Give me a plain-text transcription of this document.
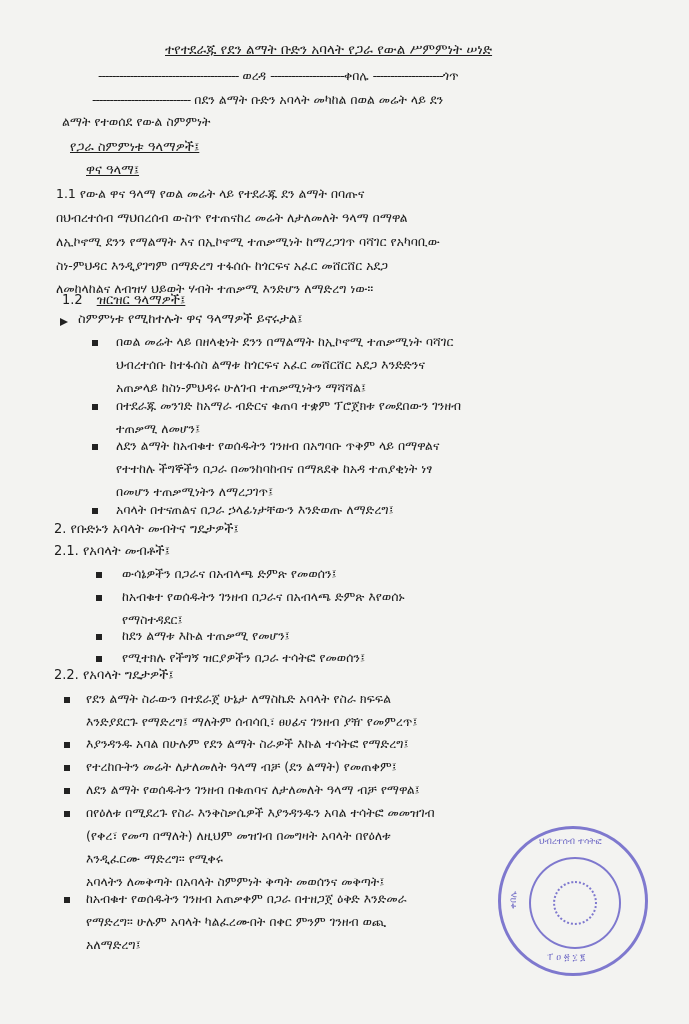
ተየተደራጁ የደን ልማት ቡድን አባላት የጋራ የውል ሥምምነት ሠነድ
---------------------------------------- ወረዳ ---------------------ቀበሌ --------------------ጎጥ
---------------------------- በደን ልማት ቡድን አባላት መካከል በወል መሬት ላይ ደን
ልማት የተወሰደ የውል ስምምነት
የጋራ ስምምነቱ ዓላማዎች፤
ዋና ዓላማ፤
1.1 የውል ዋና ዓላማ የወል መሬት ላይ የተደራጁ ደን ልማት በባጡና
በህብረተሰብ ማህበረሰብ ውስጥ የተጠናከረ መሬት ለታለመለት ዓላማ በማዋል
ለኢኮኖሚ ደንን የማልማት እና በኢኮኖሚ ተጠቃሚነት ከማረጋገጥ ባሻገር የአካባቢው
ስነ-ምህዳር እንዲያገግም በማድረግ ተፋሰሱ ከጎርፍና አፈር መሸርሸር አደጋ
ለመከላከልና ለብዝሃ ህይወት ሃብት ተጠቃሚ እንድሆን ለማድረግ ነው።
1.2 ዝርዝር ዓላማዎች፤
ስምምነቱ የሚከተሉት ዋና ዓላማዎች ይኖሩታል፤
በወል መሬት ላይ በዘላቂነት ደንን በማልማት ከኢኮኖሚ ተጠቃሚነት ባሻገር
ህብረተሰቡ ከተፋሰስ ልማቱ ከጎርፍና አፈር መሸርሸር አደጋ እንድድንና
አጠቃላይ ከስነ-ምህዳሩ ሁለገብ ተጠቃሚነትን ማሻሻል፤
በተደራጁ መንገድ ከአማራ ብድርና ቁጠባ ተቋም ፕሮጀክቱ የመደበውን ገንዘብ
ተጠቃሚ ለመሆን፤
ለደን ልማት ከአብቁተ የወሰዱትን ገንዘብ በአግባቡ ጥቅም ላይ በማዋልና
የተተከሉ ችግኞችን በጋራ በመንከባከብና በማጸደቅ ከአዳ ተጠያቂነት ነፃ
በመሆን ተጠቃሚነትን ለማረጋገጥ፤
አባላት በተናጠልና በጋራ ኃላፊነታቸውን እንድወጡ ለማድረግ፤
2. የቡድኑን አባላት መብትና ግዴታዎች፤
2.1. የአባላት መብቶች፤
ውሳኔዎችን በጋራና በአብላጫ ድምጽ የመወሰን፤
ከአብቁተ የወሰዱትን ገንዘብ በጋራና በአብላጫ ድምጽ እየወሰኑ
የማስተዳደር፤
ከደን ልማቱ እኩል ተጠቃሚ የመሆን፤
የሚተክሉ የችግኝ ዝርያዎችን በጋራ ተሳትፎ የመወሰን፤
2.2. የአባላት ግዴታዎች፤
የደን ልማት ስራውን በተደራጀ ሁኔታ ለማስኬድ አባላት የስራ ክፍፍል
እንድያደርጉ የማድረግ፤ ማለትም ሰብሳቢ፣ ፀሀፊና ገንዘብ ያዥ የመምረጥ፤
እያንዳንዱ አባል በሁሉም የደን ልማት ስራዎች እኩል ተሳትፎ የማድረግ፤
የተረከቡትን መሬት ለታለመለት ዓላማ ብቻ (ደን ልማት) የመጠቀም፤
ለደን ልማት የወሰዱትን ገንዘብ በቁጠባና ለታለመለት ዓላማ ብቻ የማዋል፤
በየዕለቱ በሚደረጉ የስራ እንቅስቃሴዎች እያንዳንዱን አባል ተሳትፎ መመዝገብ
(የቀረ፣ የመጣ በማለት) ለዚህም መዝገብ በመግዛት አባላት በየዕለቱ
እንዲፈርሙ ማድረግ። የሚቀሩ
አባላትን ለመቅጣት በአባላት ስምምነት ቅጣት መወሰንና መቅጣት፤
ከአብቁተ የወሰዱትን ገንዘብ አጠቃቀም በጋራ በተዘጋጀ ዕቅድ እንድመራ
የማድረግ። ሁሉም አባላት ካልፈረሙበት በቀር ምንም ገንዘብ ወጪ
አለማድረግ፤
ህብረተሰብ ተሳትፎ
ፐ ዐ ፳ ፲ ፪
ቀበሌ
